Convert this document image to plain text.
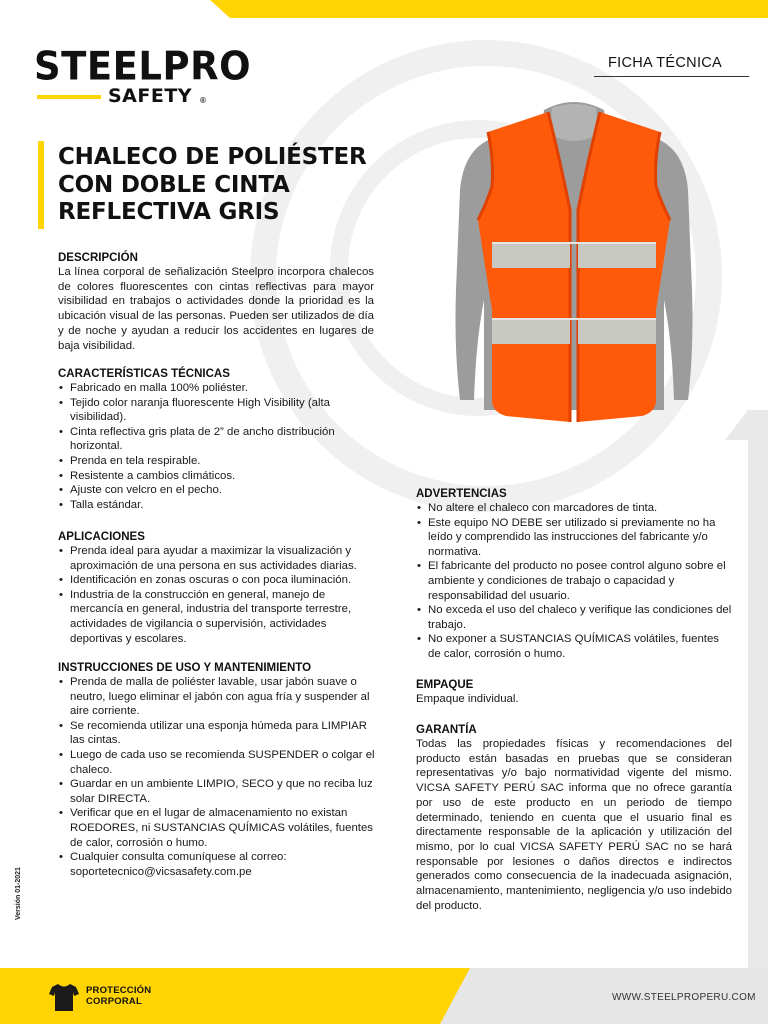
STEELPRO
SAFETY ®
FICHA TÉCNICA
CHALECO DE POLIÉSTER CON DOBLE CINTA REFLECTIVA GRIS
DESCRIPCIÓN
La línea corporal de señalización Steelpro incorpora chalecos de colores fluorescentes con cintas reflectivas para mayor visibilidad en trabajos o actividades donde la prioridad es la ubicación visual de las personas. Pueden ser utilizados de día y de noche y ayudan a reducir los accidentes en lugares de baja visibilidad.
CARACTERÍSTICAS TÉCNICAS
• Fabricado en malla 100% poliéster.
• Tejido color naranja fluorescente High Visibility (alta visibilidad).
• Cinta reflectiva gris plata de 2” de ancho distribución horizontal.
• Prenda en tela respirable.
• Resistente a cambios climáticos.
• Ajuste con velcro en el pecho.
• Talla estándar.
APLICACIONES
• Prenda ideal para ayudar a maximizar la visualización y aproximación de una persona en sus actividades diarias.
• Identificación en zonas oscuras o con poca iluminación.
• Industria de la construcción en general, manejo de mercancía en general, industria del transporte terrestre, actividades de vigilancia o supervisión, actividades deportivas y escolares.
INSTRUCCIONES DE USO Y MANTENIMIENTO
• Prenda de malla de poliéster lavable, usar jabón suave o neutro, luego eliminar el jabón con agua fría y suspender al aire corriente.
• Se recomienda utilizar una esponja húmeda para LIMPIAR las cintas.
• Luego de cada uso se recomienda SUSPENDER o colgar el chaleco.
• Guardar en un ambiente LIMPIO, SECO y que no reciba luz solar DIRECTA.
• Verificar que en el lugar de almacenamiento no existan ROEDORES, ni SUSTANCIAS QUÍMICAS volátiles, fuentes de calor, corrosión o humo.
• Cualquier consulta comuníquese al correo: soportetecnico@vicsasafety.com.pe
ADVERTENCIAS
• No altere el chaleco con marcadores de tinta.
• Este equipo NO DEBE ser utilizado si previamente no ha leído y comprendido las instrucciones del fabricante y/o normativa.
• El fabricante del producto no posee control alguno sobre el ambiente y condiciones de trabajo o capacidad y responsabilidad del usuario.
• No exceda el uso del chaleco y verifique las condiciones del trabajo.
• No exponer a SUSTANCIAS QUÍMICAS volátiles, fuentes de calor, corrosión o humo.
EMPAQUE
Empaque individual.
GARANTÍA
Todas las propiedades físicas y recomendaciones del producto están basadas en pruebas que se consideran representativas y/o bajo normatividad vigente del mismo. VICSA SAFETY PERÚ SAC informa que no ofrece garantía por uso de este producto en un periodo de tiempo determinado, teniendo en cuenta que el usuario final es directamente responsable de la aplicación y utilización del mismo, por lo cual VICSA SAFETY PERÚ SAC no se hará responsable por lesiones o daños directos e indirectos generados como consecuencia de la inadecuada asignación, almacenamiento, mantenimiento, negligencia y/o uso indebido del producto.
Versión 01-2021
PROTECCIÓN
CORPORAL	WWW.STEELPROPERU.COM
